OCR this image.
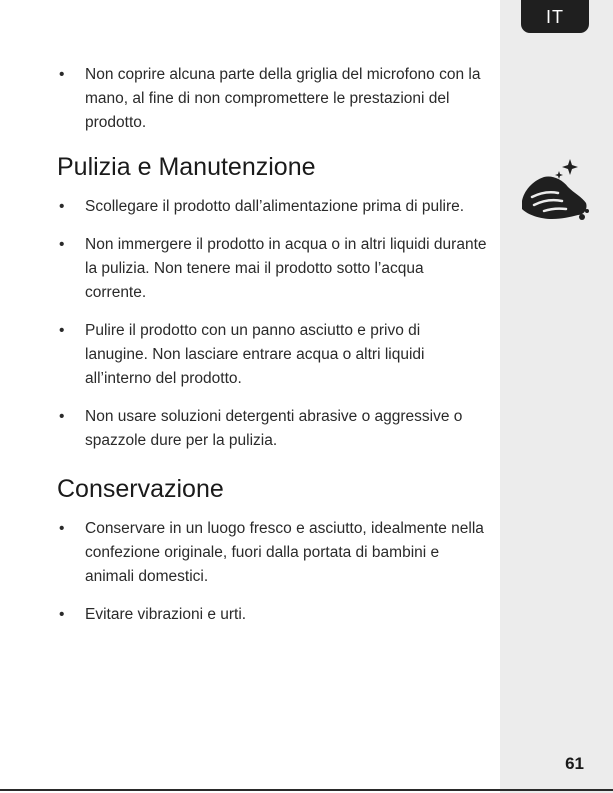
IT
• Non coprire alcuna parte della griglia del microfono con la mano, al fine di non compromettere le prestazioni del prodotto.
Pulizia e Manutenzione
• Scollegare il prodotto dall’alimentazione prima di pulire.
• Non immergere il prodotto in acqua o in altri liquidi durante la pulizia. Non tenere mai il prodotto sotto l’acqua corrente.
• Pulire il prodotto con un panno asciutto e privo di lanugine. Non lasciare entrare acqua o altri liquidi all’interno del prodotto.
• Non usare soluzioni detergenti abrasive o aggressive o spazzole dure per la pulizia.
Conservazione
• Conservare in un luogo fresco e asciutto, idealmente nella confezione originale, fuori dalla portata di bambini e animali domestici.
• Evitare vibrazioni e urti.
61
